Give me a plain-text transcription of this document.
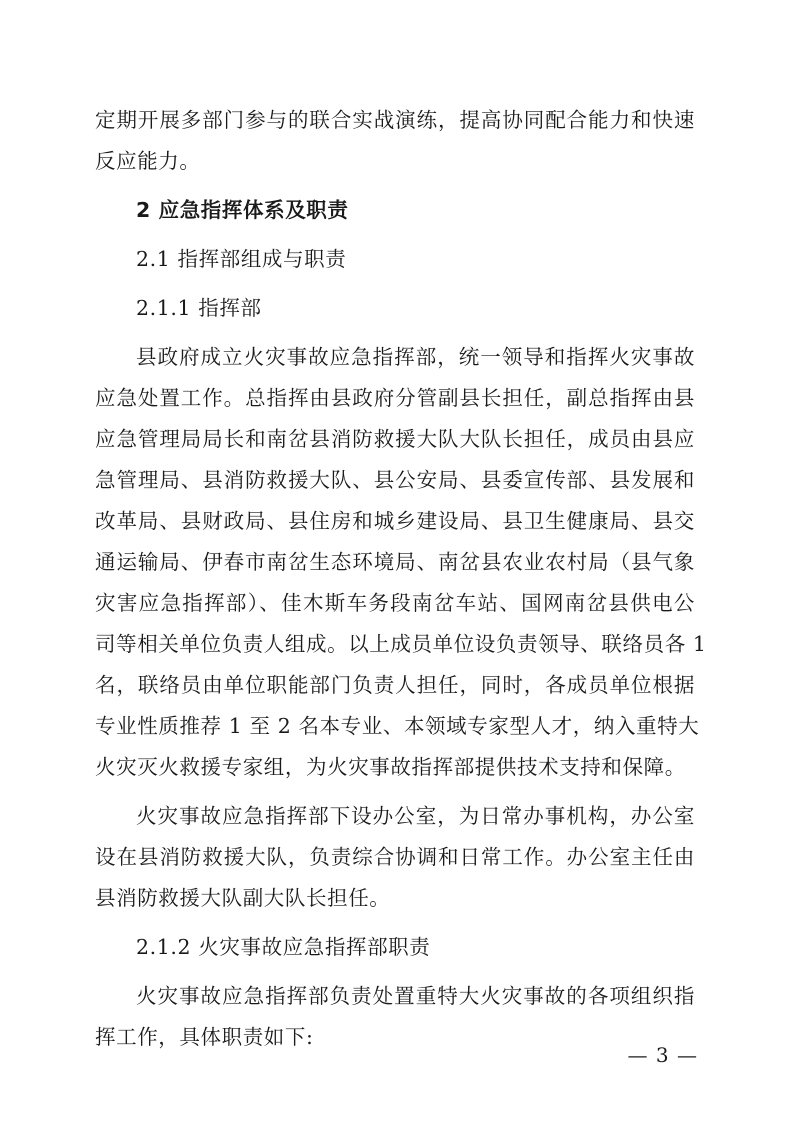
定期开展多部门参与的联合实战演练，提高协同配合能力和快速
反应能力。
2 应急指挥体系及职责
2.1 指挥部组成与职责
2.1.1 指挥部
县政府成立火灾事故应急指挥部，统一领导和指挥火灾事故
应急处置工作。总指挥由县政府分管副县长担任，副总指挥由县
应急管理局局长和南岔县消防救援大队大队长担任，成员由县应
急管理局、县消防救援大队、县公安局、县委宣传部、县发展和
改革局、县财政局、县住房和城乡建设局、县卫生健康局、县交
通运输局、伊春市南岔生态环境局、南岔县农业农村局（县气象
灾害应急指挥部）、佳木斯车务段南岔车站、国网南岔县供电公
司等相关单位负责人组成。以上成员单位设负责领导、联络员各 1
名，联络员由单位职能部门负责人担任，同时，各成员单位根据
专业性质推荐 1 至 2 名本专业、本领域专家型人才，纳入重特大
火灾灭火救援专家组，为火灾事故指挥部提供技术支持和保障。
火灾事故应急指挥部下设办公室，为日常办事机构，办公室
设在县消防救援大队，负责综合协调和日常工作。办公室主任由
县消防救援大队副大队长担任。
2.1.2 火灾事故应急指挥部职责
火灾事故应急指挥部负责处置重特大火灾事故的各项组织指
挥工作，具体职责如下:
— 3 —
